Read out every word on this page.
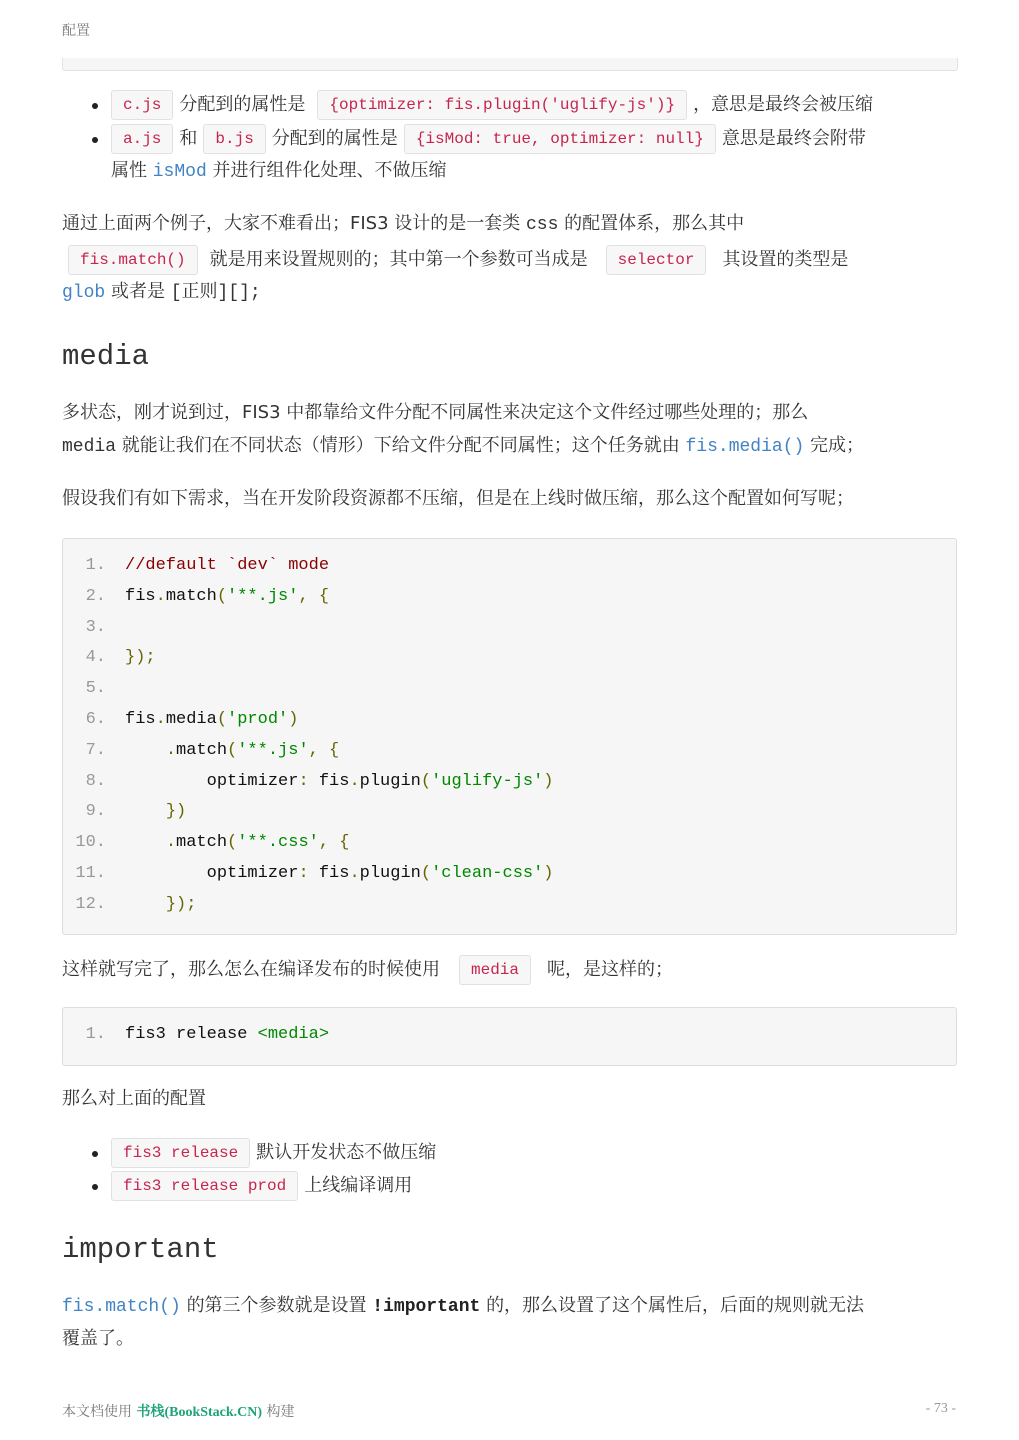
配置
c.js 分配到的属性是 {optimizer: fis.plugin('uglify-js')} ，意思是最终会被压缩
a.js 和 b.js 分配到的属性是 {isMod: true, optimizer: null} 意思是最终会附带
属性 isMod 并进行组件化处理、不做压缩
通过上面两个例子，大家不难看出；FIS3 设计的是一套类 css 的配置体系，那么其中
fis.match() 就是用来设置规则的；其中第一个参数可当成是 selector 其设置的类型是
glob 或者是 [正则][];
media
多状态，刚才说到过，FIS3 中都靠给文件分配不同属性来决定这个文件经过哪些处理的；那么
media 就能让我们在不同状态（情形）下给文件分配不同属性；这个任务就由 fis.media() 完成；
假设我们有如下需求，当在开发阶段资源都不压缩，但是在上线时做压缩，那么这个配置如何写呢；
1. //default `dev` mode
2. fis.match('**.js', {
3.
4. });
5.
6. fis.media('prod')
7.	.match('**.js', {
8. optimizer: fis.plugin('uglify-js')
9.	})
10.	.match('**.css', {
11. optimizer: fis.plugin('clean-css')
12.	});
这样就写完了，那么怎么在编译发布的时候使用 media 呢，是这样的；
1. fis3 release <media>
那么对上面的配置
fis3 release 默认开发状态不做压缩
fis3 release prod 上线编译调用
important
fis.match() 的第三个参数就是设置 !important 的，那么设置了这个属性后，后面的规则就无法
覆盖了。
本文档使用 书栈(BookStack.CN) 构建	- 73 -
